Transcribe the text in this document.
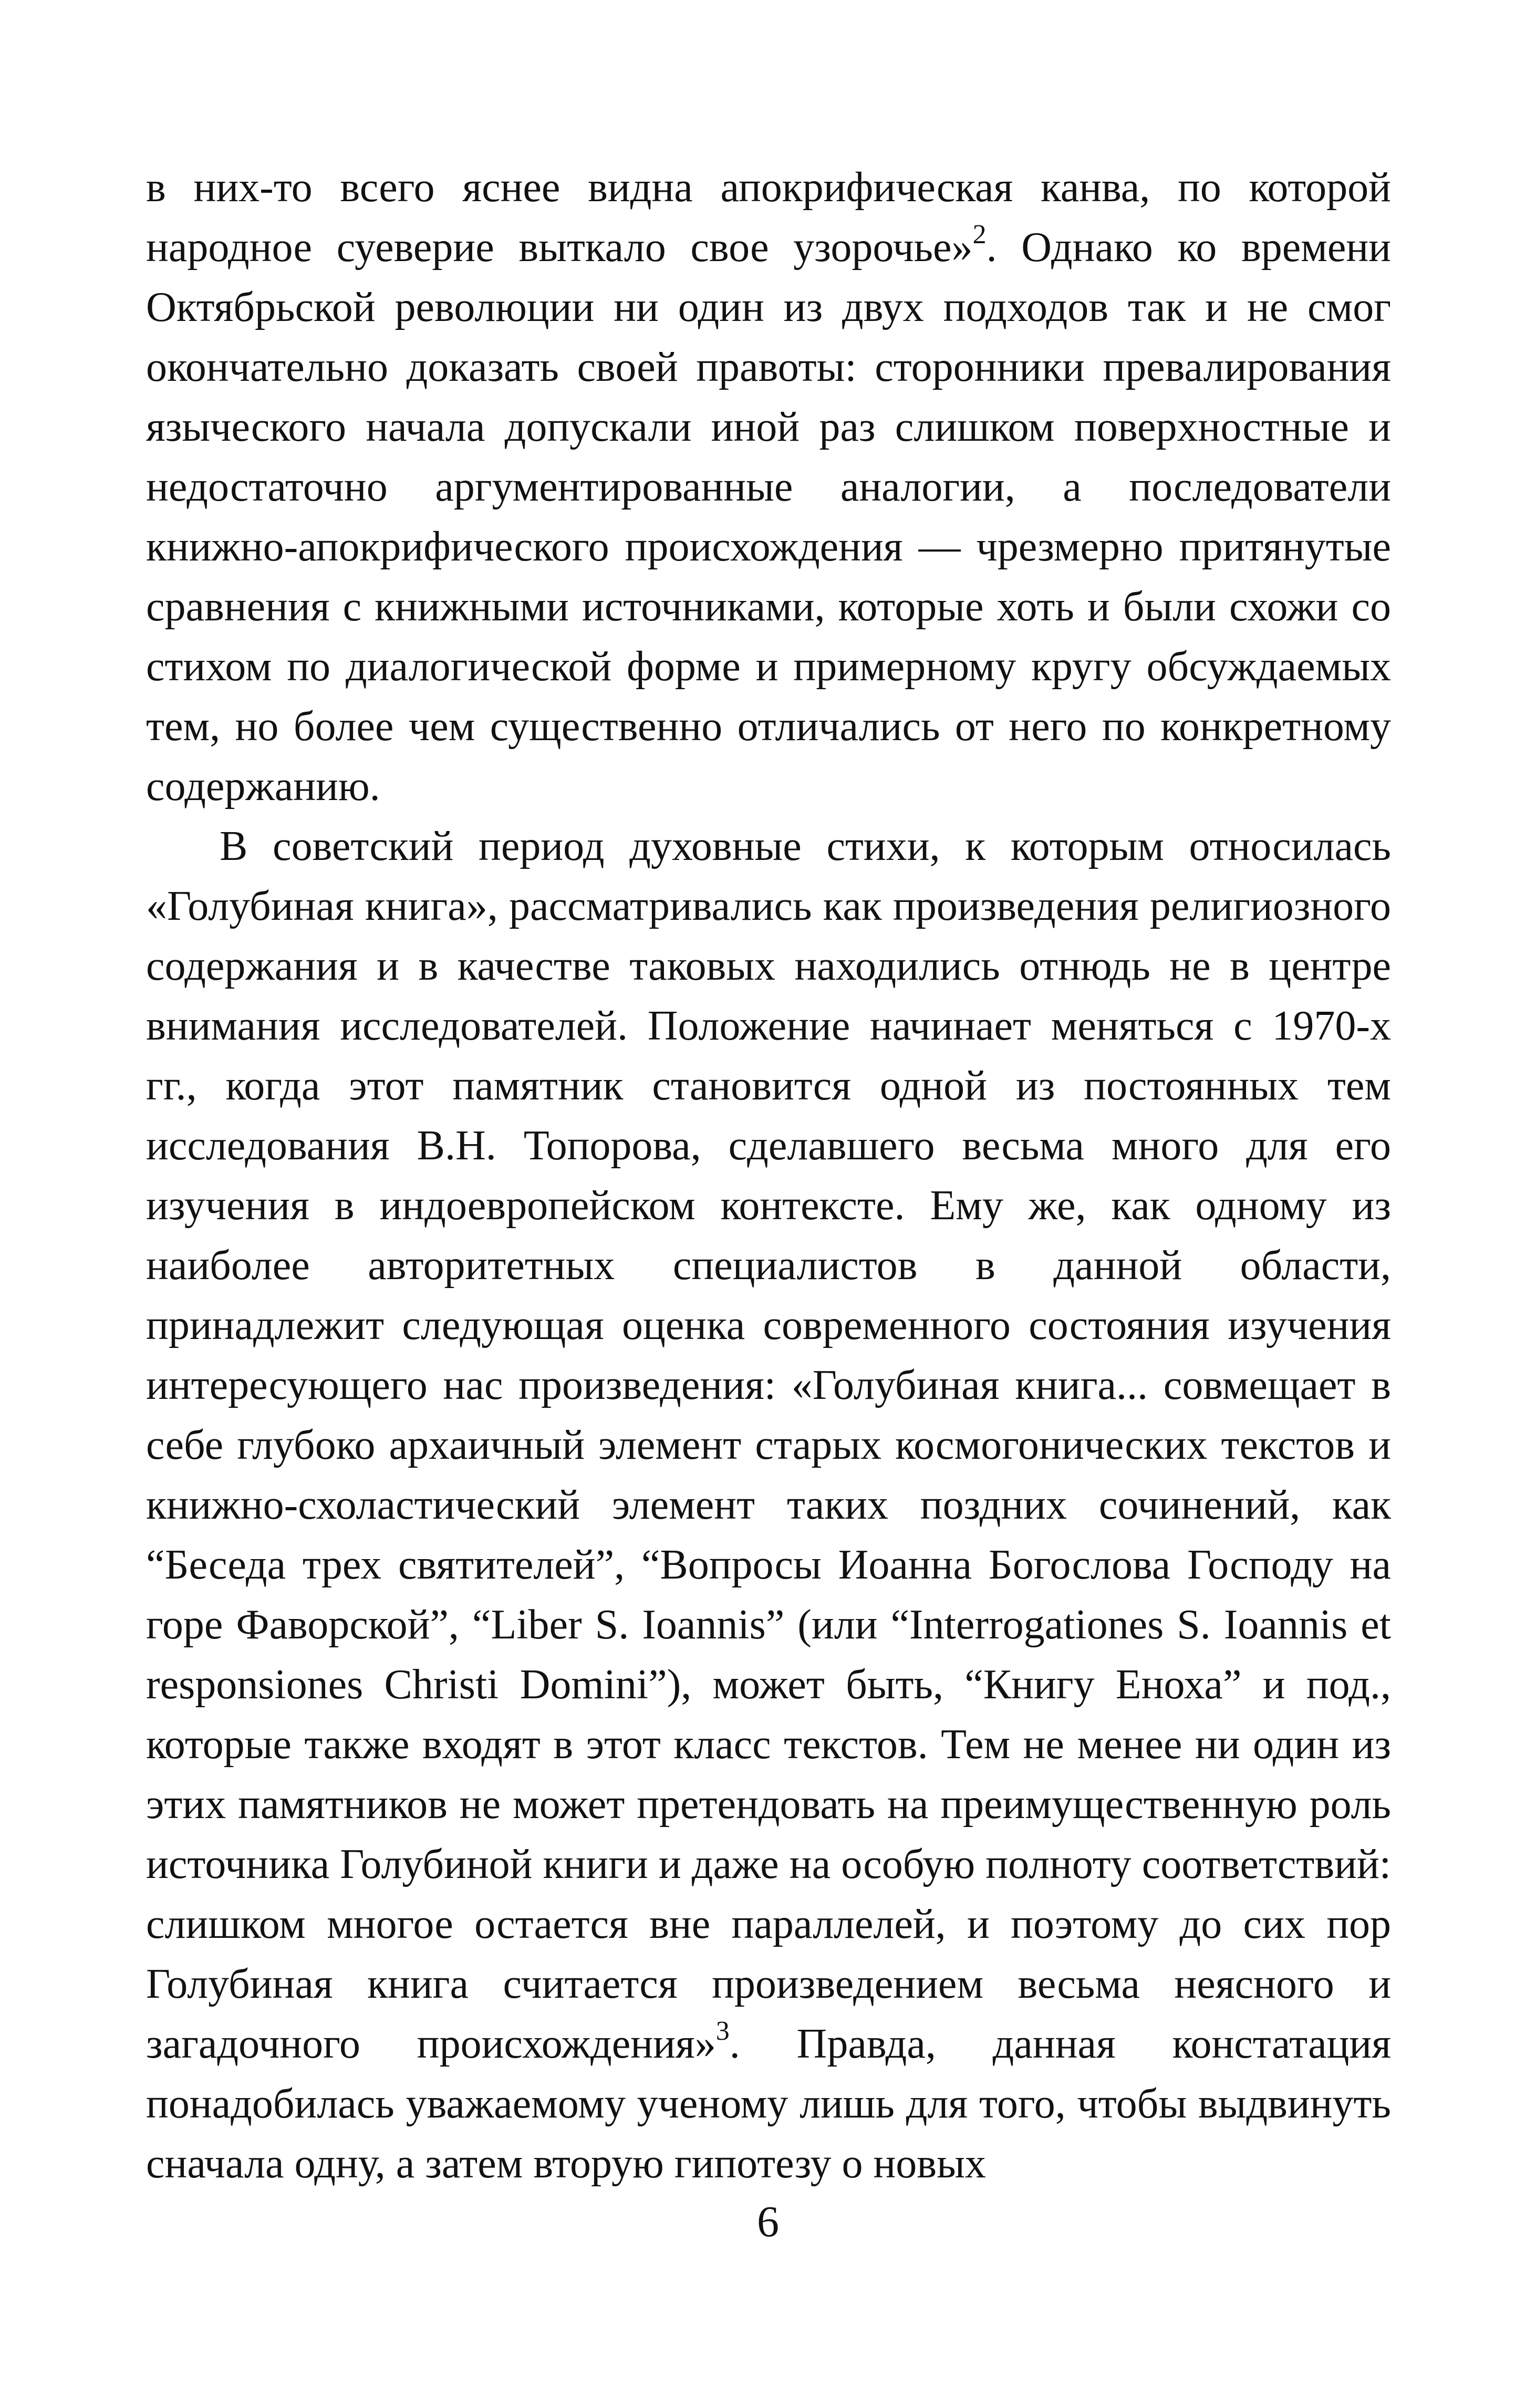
в них-то всего яснее видна апокрифическая канва, по которой народное суеверие выткало свое узорочье»$^2$. Однако ко времени Октябрьской революции ни один из двух подходов так и не смог окончательно доказать своей правоты: сторонники превалирования языческого начала допускали иной раз слишком поверхностные и недостаточно аргументированные аналогии, а последователи книжно-апокрифического происхождения — чрезмерно притянутые сравнения с книжными источниками, которые хоть и были схожи со стихом по диалогической форме и примерному кругу обсуждаемых тем, но более чем существенно отличались от него по конкретному содержанию.

В советский период духовные стихи, к которым относилась «Голубиная книга», рассматривались как произведения религиозного содержания и в качестве таковых находились отнюдь не в центре внимания исследователей. Положение начинает меняться с 1970-х гг., когда этот памятник становится одной из постоянных тем исследования В.Н. Топорова, сделавшего весьма много для его изучения в индоевропейском контексте. Ему же, как одному из наиболее авторитетных специалистов в данной области, принадлежит следующая оценка современного состояния изучения интересующего нас произведения: «Голубиная книга... совмещает в себе глубоко архаичный элемент старых космогонических текстов и книжно-схоластический элемент таких поздних сочинений, как “Беседа трех святителей”, “Вопросы Иоанна Богослова Господу на горе Фаворской”, “Liber S. Ioannis” (или “Interrogationes S. Ioannis et responsiones Christi Domini”), может быть, “Книгу Еноха” и под., которые также входят в этот класс текстов. Тем не менее ни один из этих памятников не может претендовать на преимущественную роль источника Голубиной книги и даже на особую полноту соответствий: слишком многое остается вне параллелей, и поэтому до сих пор Голубиная книга считается произведением весьма неясного и загадочного происхождения»$^3$. Правда, данная констатация понадобилась уважаемому ученому лишь для того, чтобы выдвинуть сначала одну, а затем вторую гипотезу о новых

6
